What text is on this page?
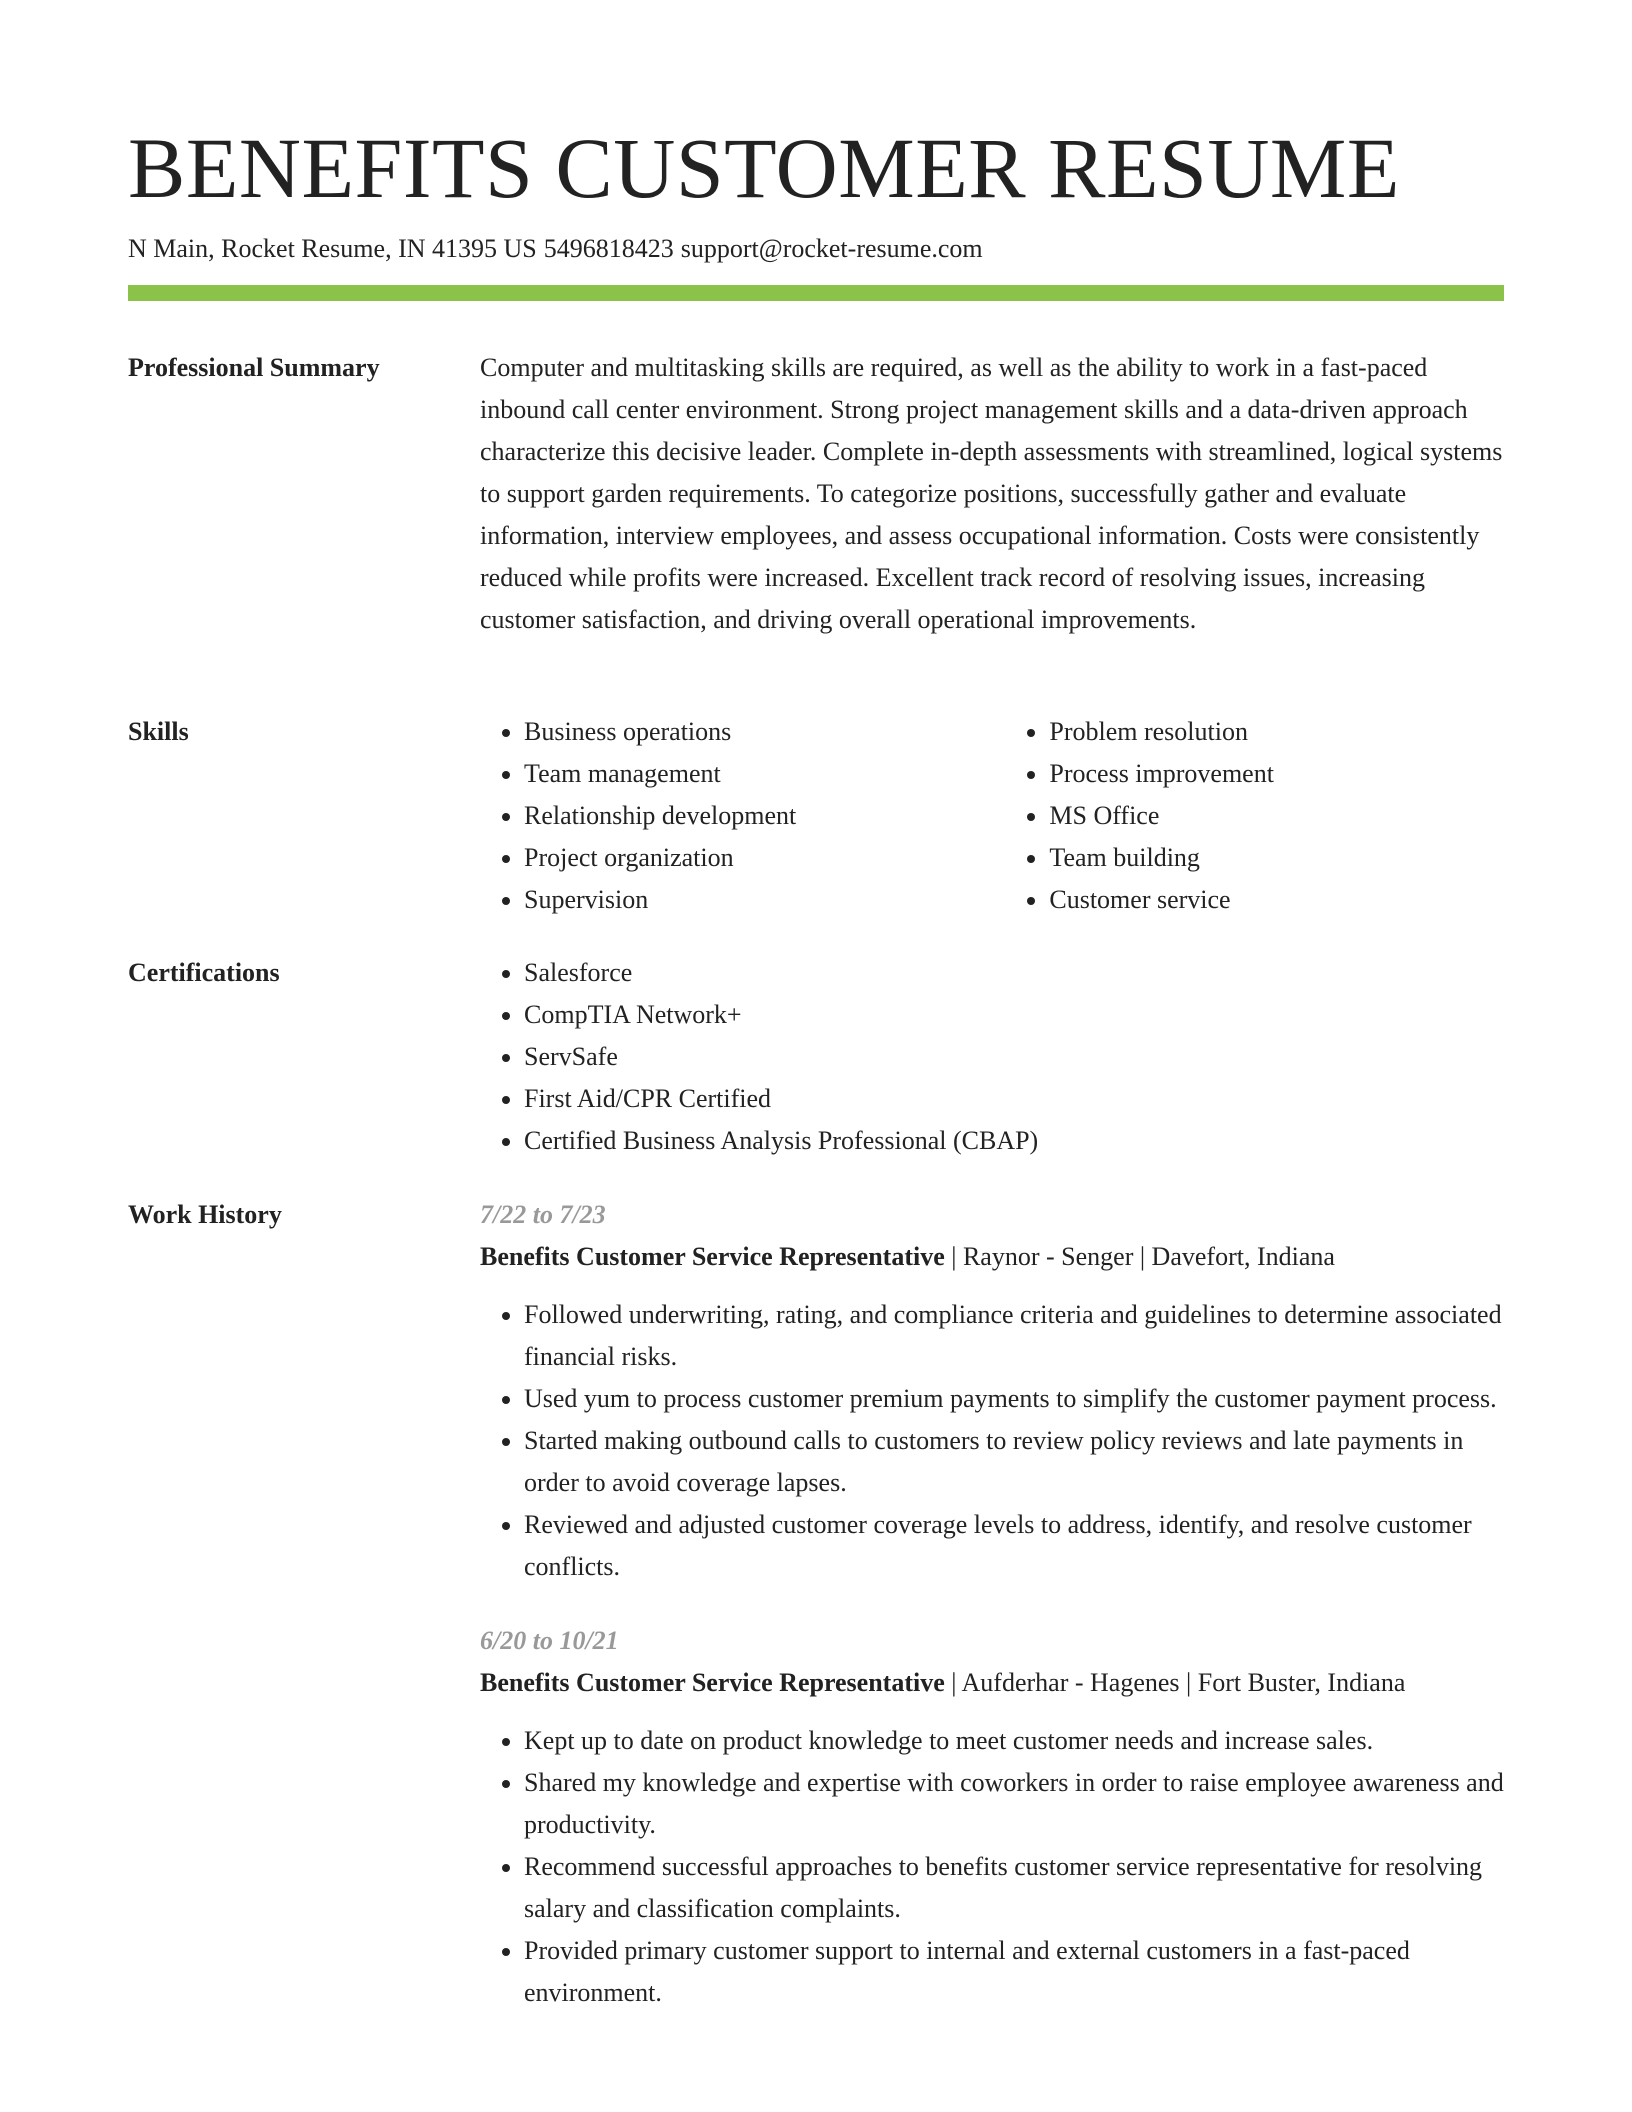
BENEFITS CUSTOMER RESUME
N Main, Rocket Resume, IN 41395 US 5496818423 support@rocket-resume.com
Professional Summary	Computer and multitasking skills are required, as well as the ability to work in a fast-paced inbound call center environment. Strong project management skills and a data-driven approach characterize this decisive leader. Complete in-depth assessments with streamlined, logical systems to support garden requirements. To categorize positions, successfully gather and evaluate information, interview employees, and assess occupational information. Costs were consistently reduced while profits were increased. Excellent track record of resolving issues, increasing customer satisfaction, and driving overall operational improvements.

Skills	• Business operations
• Team management
• Relationship development
• Project organization
• Supervision
• Problem resolution
• Process improvement
• MS Office
• Team building
• Customer service
Certifications	• Salesforce
• CompTIA Network+
• ServSafe
• First Aid/CPR Certified
• Certified Business Analysis Professional (CBAP)
Work History	7/22 to 7/23
Benefits Customer Service Representative | Raynor - Senger | Davefort, Indiana
• Followed underwriting, rating, and compliance criteria and guidelines to determine associated financial risks.
• Used yum to process customer premium payments to simplify the customer payment process.
• Started making outbound calls to customers to review policy reviews and late payments in order to avoid coverage lapses.
• Reviewed and adjusted customer coverage levels to address, identify, and resolve customer conflicts.
6/20 to 10/21
Benefits Customer Service Representative | Aufderhar - Hagenes | Fort Buster, Indiana
• Kept up to date on product knowledge to meet customer needs and increase sales.
• Shared my knowledge and expertise with coworkers in order to raise employee awareness and productivity.
• Recommend successful approaches to benefits customer service representative for resolving salary and classification complaints.
• Provided primary customer support to internal and external customers in a fast-paced environment.
